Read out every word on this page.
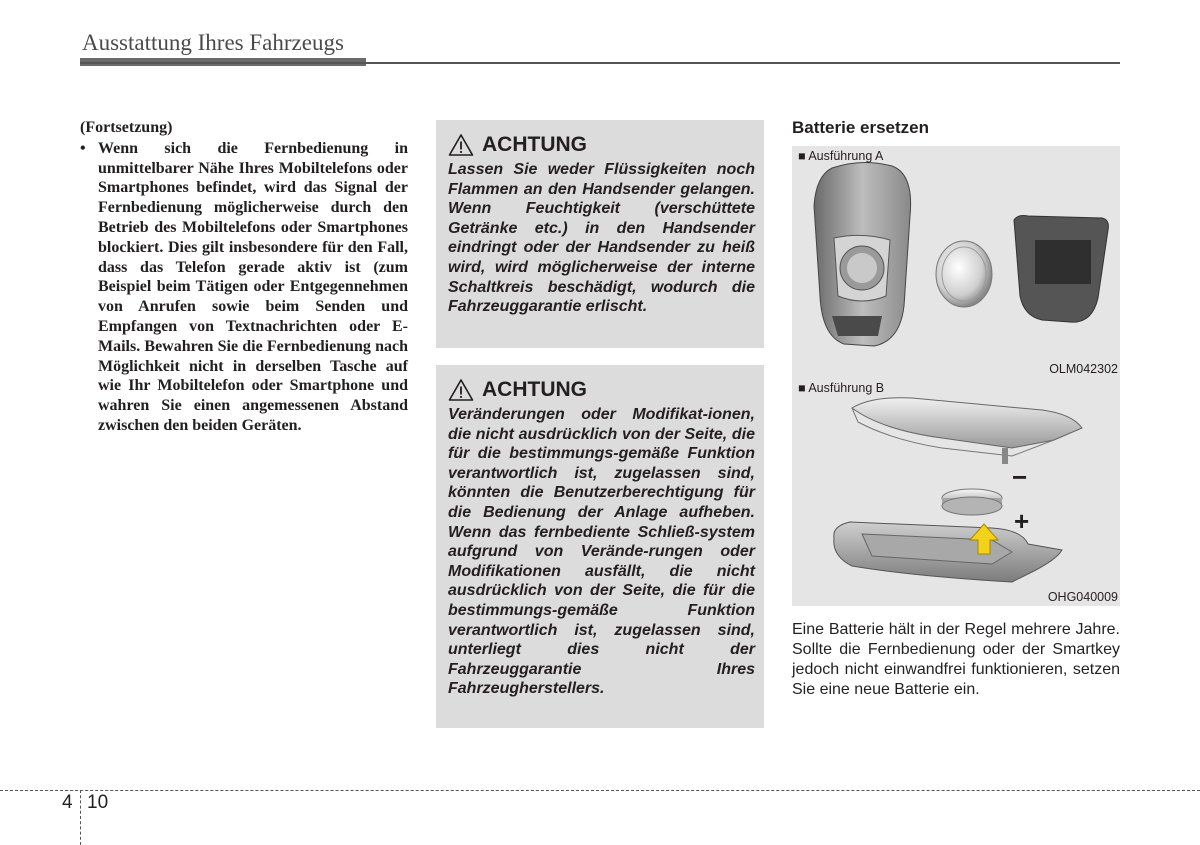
Ausstattung Ihres Fahrzeugs
(Fortsetzung)
• Wenn sich die Fernbedienung in unmittelbarer Nähe Ihres Mobiltelefons oder Smartphones befindet, wird das Signal der Fernbedienung möglicherweise durch den Betrieb des Mobiltelefons oder Smartphones blockiert. Dies gilt insbesondere für den Fall, dass das Telefon gerade aktiv ist (zum Beispiel beim Tätigen oder Entgegennehmen von Anrufen sowie beim Senden und Empfangen von Textnachrichten oder E-Mails. Bewahren Sie die Fernbedienung nach Möglichkeit nicht in derselben Tasche auf wie Ihr Mobiltelefon oder Smartphone und wahren Sie einen angemessenen Abstand zwischen den beiden Geräten.
ACHTUNG
Lassen Sie weder Flüssigkeiten noch Flammen an den Handsender gelangen. Wenn Feuchtigkeit (verschüttete Getränke etc.) in den Handsender eindringt oder der Handsender zu heiß wird, wird möglicherweise der interne Schaltkreis beschädigt, wodurch die Fahrzeuggarantie erlischt.
ACHTUNG
Veränderungen oder Modifikat-ionen, die nicht ausdrücklich von der Seite, die für die bestimmungs-gemäße Funktion verantwortlich ist, zugelassen sind, könnten die Benutzerberechtigung für die Bedienung der Anlage aufheben. Wenn das fernbediente Schließ-system aufgrund von Verände-rungen oder Modifikationen ausfällt, die nicht ausdrücklich von der Seite, die für die bestimmungs-gemäße Funktion verantwortlich ist, zugelassen sind, unterliegt dies nicht der Fahrzeuggarantie Ihres Fahrzeugherstellers.
Batterie ersetzen
■ Ausführung A
OLM042302
−
+
■ Ausführung B
OHG040009
Eine Batterie hält in der Regel mehrere Jahre. Sollte die Fernbedienung oder der Smartkey jedoch nicht einwandfrei funktionieren, setzen Sie eine neue Batterie ein.
4 10
